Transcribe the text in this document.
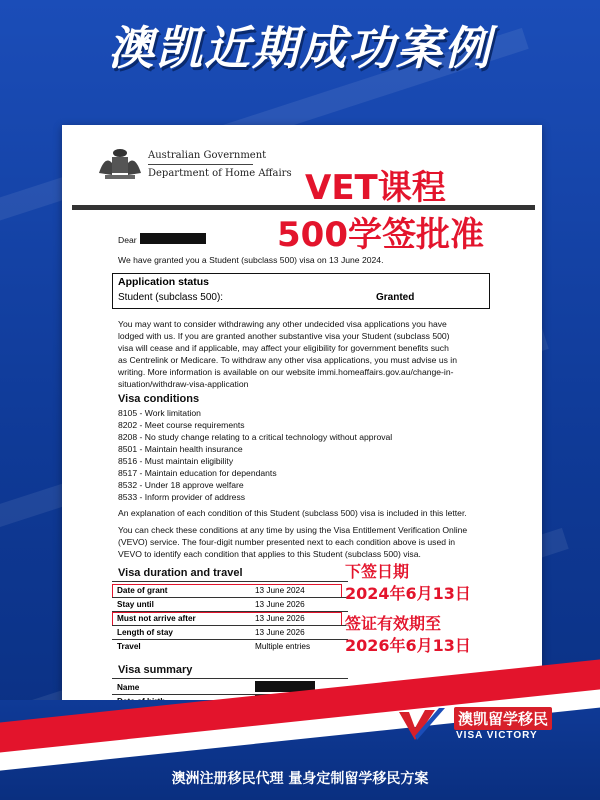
澳凯近期成功案例
Australian Government
Department of Home Affairs VET课程
500学签批准
Dear
We have granted you a Student (subclass 500) visa on 13 June 2024.
Application status
Student (subclass 500):	Granted
You may want to consider withdrawing any other undecided visa applications you have
lodged with us. If you are granted another substantive visa your Student (subclass 500)
visa will cease and if applicable, may affect your eligibility for government benefits such
as Centrelink or Medicare. To withdraw any other visa applications, you must advise us in
writing. More information is available on our website immi.homeaffairs.gov.au/change-in-
situation/withdraw-visa-application
Visa conditions
8105 - Work limitation
8202 - Meet course requirements
8208 - No study change relating to a critical technology without approval
8501 - Maintain health insurance
8516 - Must maintain eligibility
8517 - Maintain education for dependants
8532 - Under 18 approve welfare
8533 - Inform provider of address
An explanation of each condition of this Student (subclass 500) visa is included in this letter.
You can check these conditions at any time by using the Visa Entitlement Verification Online
(VEVO) service. The four-digit number presented next to each condition above is used in
VEVO to identify each condition that applies to this Student (subclass 500) visa.
Visa duration and travel
Date of grant	13 June 2024
Stay until	13 June 2026
Must not arrive after	13 June 2026
Length of stay	13 June 2026
Travel	Multiple entries
下签日期
2024年6月13日
签证有效期至
2026年6月13日
Visa summary
Name
澳凯留学移民
VISA VICTORY
澳洲注册移民代理 量身定制留学移民方案
